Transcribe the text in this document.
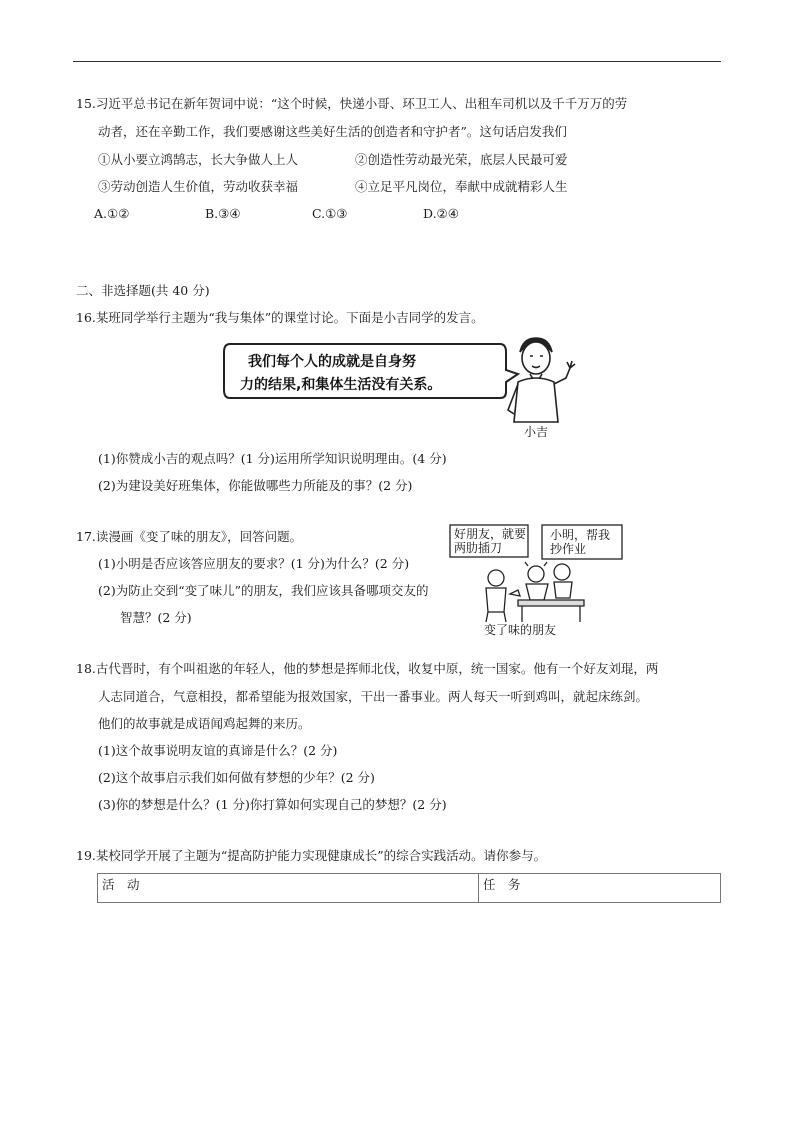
15.习近平总书记在新年贺词中说：“这个时候，快递小哥、环卫工人、出租车司机以及千千万万的劳
动者，还在辛勤工作，我们要感谢这些美好生活的创造者和守护者”。这句话启发我们
①从小要立鸿鹄志，长大争做人上人	②创造性劳动最光荣，底层人民最可爱
③劳动创造人生价值，劳动收获幸福	④立足平凡岗位，奉献中成就精彩人生
A.①②	B.③④	C.①③	D.②④
二、非选择题(共 40 分)
16.某班同学举行主题为“我与集体”的课堂讨论。下面是小吉同学的发言。
我们每个人的成就是自身努
力的结果,和集体生活没有关系。
小吉
(1)你赞成小吉的观点吗？(1 分)运用所学知识说明理由。(4 分)
(2)为建设美好班集体，你能做哪些力所能及的事？(2 分)
17.读漫画《变了味的朋友》，回答问题。
(1)小明是否应该答应朋友的要求？(1 分)为什么？(2 分)
(2)为防止交到“变了味儿”的朋友，我们应该具备哪项交友的
智慧？(2 分)
好朋友，就要
两肋插刀
小明，帮我
抄作业
变了味的朋友
18.古代晋时，有个叫祖逖的年轻人，他的梦想是挥师北伐，收复中原，统一国家。他有一个好友刘琨，两
人志同道合，气意相投，都希望能为报效国家，干出一番事业。两人每天一听到鸡叫，就起床练剑。
他们的故事就是成语闻鸡起舞的来历。
(1)这个故事说明友谊的真谛是什么？(2 分)
(2)这个故事启示我们如何做有梦想的少年？(2 分)
(3)你的梦想是什么？(1 分)你打算如何实现自己的梦想？(2 分)
19.某校同学开展了主题为“提高防护能力实现健康成长”的综合实践活动。请你参与。
活　动	任　务
